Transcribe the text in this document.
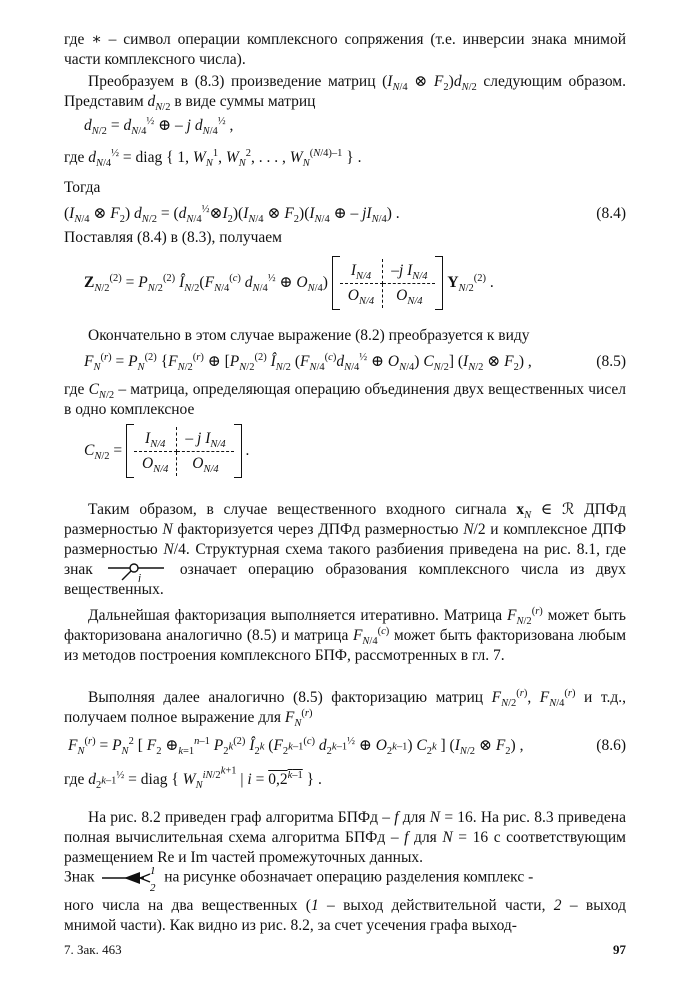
где ∗ – символ операции комплексного сопряжения (т.е. инверсии знака мнимой части комплексного числа).

Преобразуем в (8.3) произведение матриц ($I_{N/4}$ ⊗ $F_2)d_{N/2}$ следующим образом. Представим $d_{N/2}$ в виде суммы матриц

$d_{N/2} = d_{N/4}^{\frac{1}{2}}$ ⊕ – j $d_{N/4}^{\frac{1}{2}}$ ,
где $d_{N/4}^{\frac{1}{2}}$ = diag { 1, $W_N^1$, $W_N^2$, . . . , $W_N^{(N/4)-1}$ } .
Тогда
($I_{N/4}$ ⊗ $F_2$) $d_{N/2}$ = $(d_{N/4}^{\frac{1}{2}}\otimes I_2)(I_{N/4}$ ⊗ $F_2)(I_{N/4}$ ⊕ – $jI_{N/4}$) .	(8.4)
Поставляя (8.4) в (8.3), получаем
$Z_{N/2}^{(2)} = P_{N/2}^{(2)}$ $Î_{N/2}(F_{N/4}^{(c)}$ $d_{N/4}^{\frac{1}{2}}$ ⊕ $O_{N/4}$)
$I_{N/4}$	–j $I_{N/4}$
$O_{N/4}$	$O_{N/4}$
$Y_{N/2}^{(2)}$ .

Окончательно в этом случае выражение (8.2) преобразуется к виду

$F_N^{(r)} = P_N^{(2)}$ {$F_{N/2}^{(r)}$ ⊕ [$P_{N/2}^{(2)}$ $Î_{N/2}$ ($F_{N/4}^{(c)}d_{N/4}^{\frac{1}{2}}$ ⊕ $O_{N/4}$) $C_{N/2}$] ($I_{N/2}$ ⊗ $F_2$) ,	(8.5)

где $C_{N/2}$ – матрица, определяющая операцию объединения двух вещественных чисел в одно комплексное

$C_{N/2}$ =
$I_{N/4}$	– j $I_{N/4}$
$O_{N/4}$	$O_{N/4}$
.

Таким образом, в случае вещественного входного сигнала $x_N$ ∈ ℛ ДПФд размерностью N факторизуется через ДПФд размерностью N/2 и комплексное ДПФ размерностью N/4. Структурная схема такого разбиения приведена на рис. 8.1, где знак
j
означает операцию образования комплексного числа из двух вещественных.

Дальнейшая факторизация выполняется итеративно. Матрица $F_{N/2}^{(r)}$ может быть факторизована аналогично (8.5) и матрица $F_{N/4}^{(c)}$ может быть факторизована любым из методов построения комплексного БПФ, рассмотренных в гл. 7.

Выполняя далее аналогично (8.5) факторизацию матриц $F_{N/2}^{(r)}$, $F_{N/4}^{(r)}$ и т.д., получаем полное выражение для $F_N^{(r)}$

$F_N^{(r)} = P_N^2$ [ $F_2$ $\oplus_{k=1}^{n-1}$ $P_{2^k}^{(2)}$ $Î_{2^k}$ ($F_{2^{k-1}}^{(c)}$ $d_{2^{k-1}}^{\frac{1}{2}}$ ⊕ $O_{2^{k-1}}$) $C_{2^k}$ ] ($I_{N/2}$ ⊗ $F_2$) ,	(8.6)
где $d_{2^{k-1}}^{\frac{1}{2}}$ = diag { $W_N^{iN/2^{k+1}}$ | $i = 0,2^{k-1}$ } .

На рис. 8.2 приведен граф алгоритма БПФд – f для N = 16. На рис. 8.3 приведена полная вычислительная схема алгоритма БПФд – f для N = 16 с соответствующим размещением Re и Im частей промежуточных данных.

Знак	1
2
на рисунке обозначает операцию разделения комплекс -

ного числа на два вещественных (1 – выход действительной части, 2 – выход мнимой части). Как видно из рис. 8.2, за счет усечения графа выход-

7. Зак. 463	97
